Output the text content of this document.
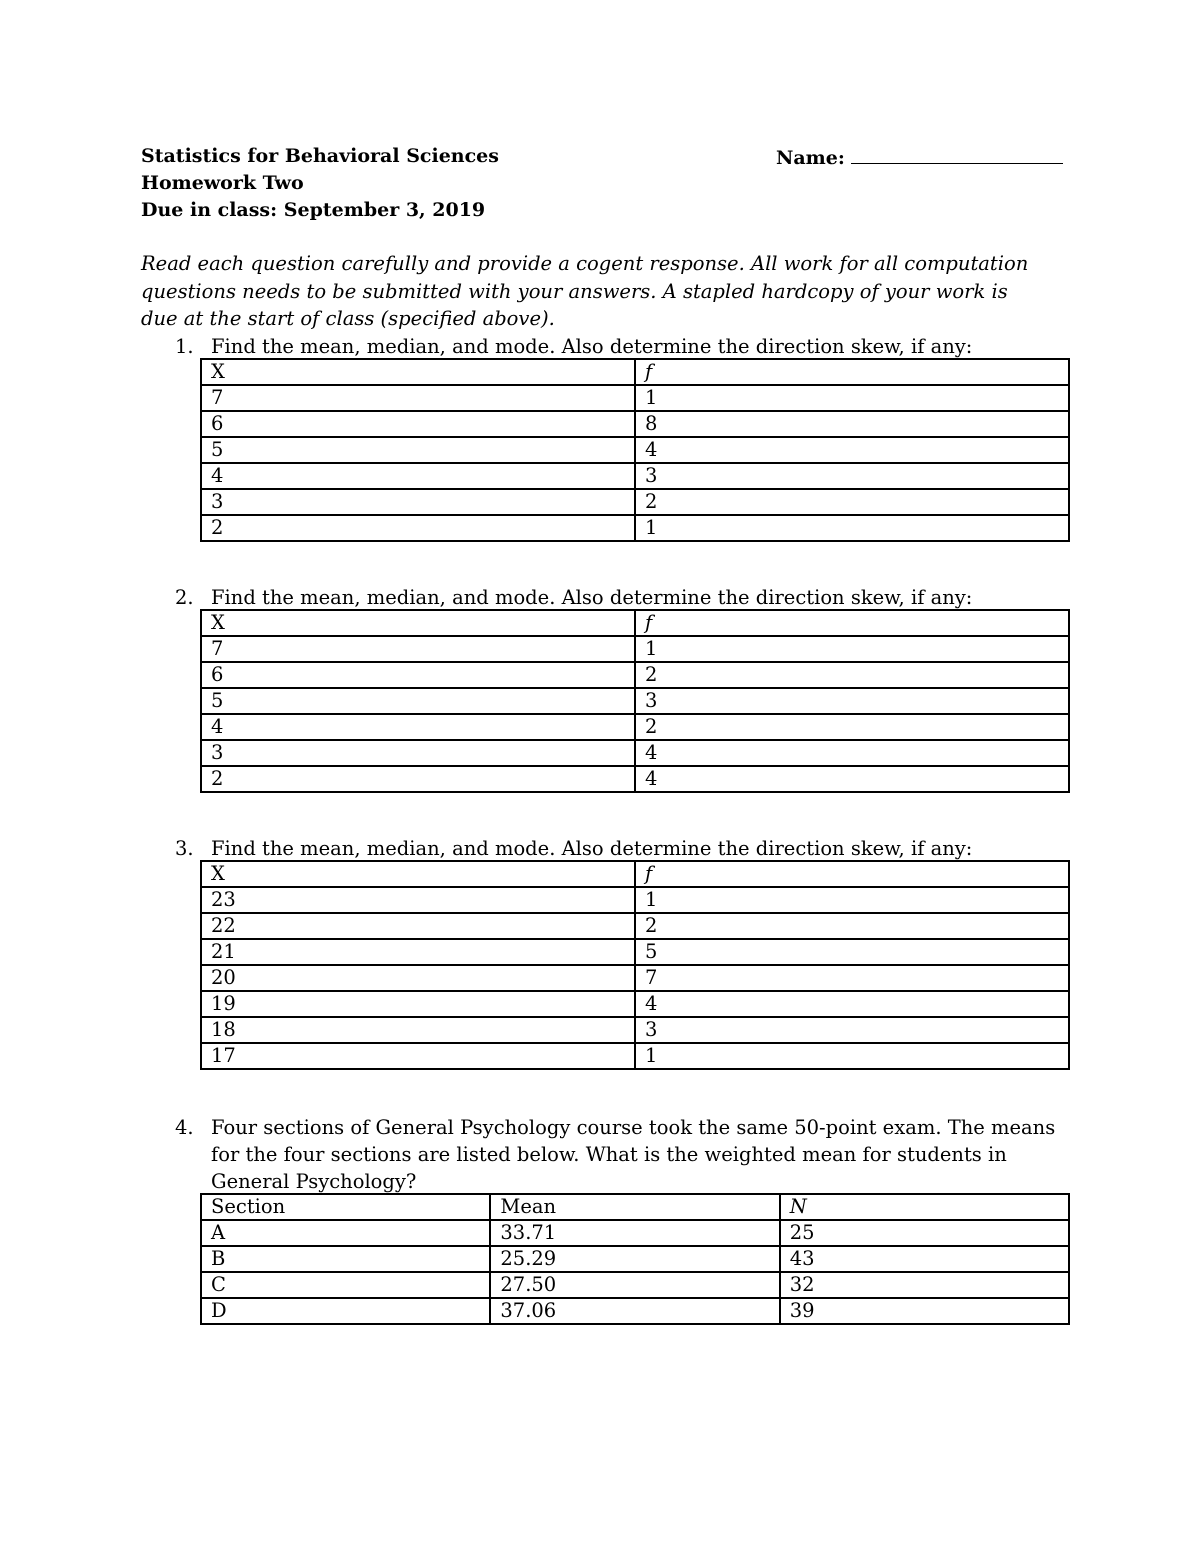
Statistics for Behavioral Sciences
Homework Two
Due in class: September 3, 2019
Name:
Read each question carefully and provide a cogent response. All work for all computation questions needs to be submitted with your answers. A stapled hardcopy of your work is due at the start of class (specified above).
1. Find the mean, median, and mode. Also determine the direction skew, if any:
X	f
7	1
6	8
5	4
4	3
3	2
2	1
2. Find the mean, median, and mode. Also determine the direction skew, if any:
X	f
7	1
6	2
5	3
4	2
3	4
2	4
3. Find the mean, median, and mode. Also determine the direction skew, if any:
X	f
23	1
22	2
21	5
20	7
19	4
18	3
17	1
4. Four sections of General Psychology course took the same 50-point exam. The means for the four sections are listed below. What is the weighted mean for students in General Psychology?
Section	Mean	N
A	33.71	25
B	25.29	43
C	27.50	32
D	37.06	39
